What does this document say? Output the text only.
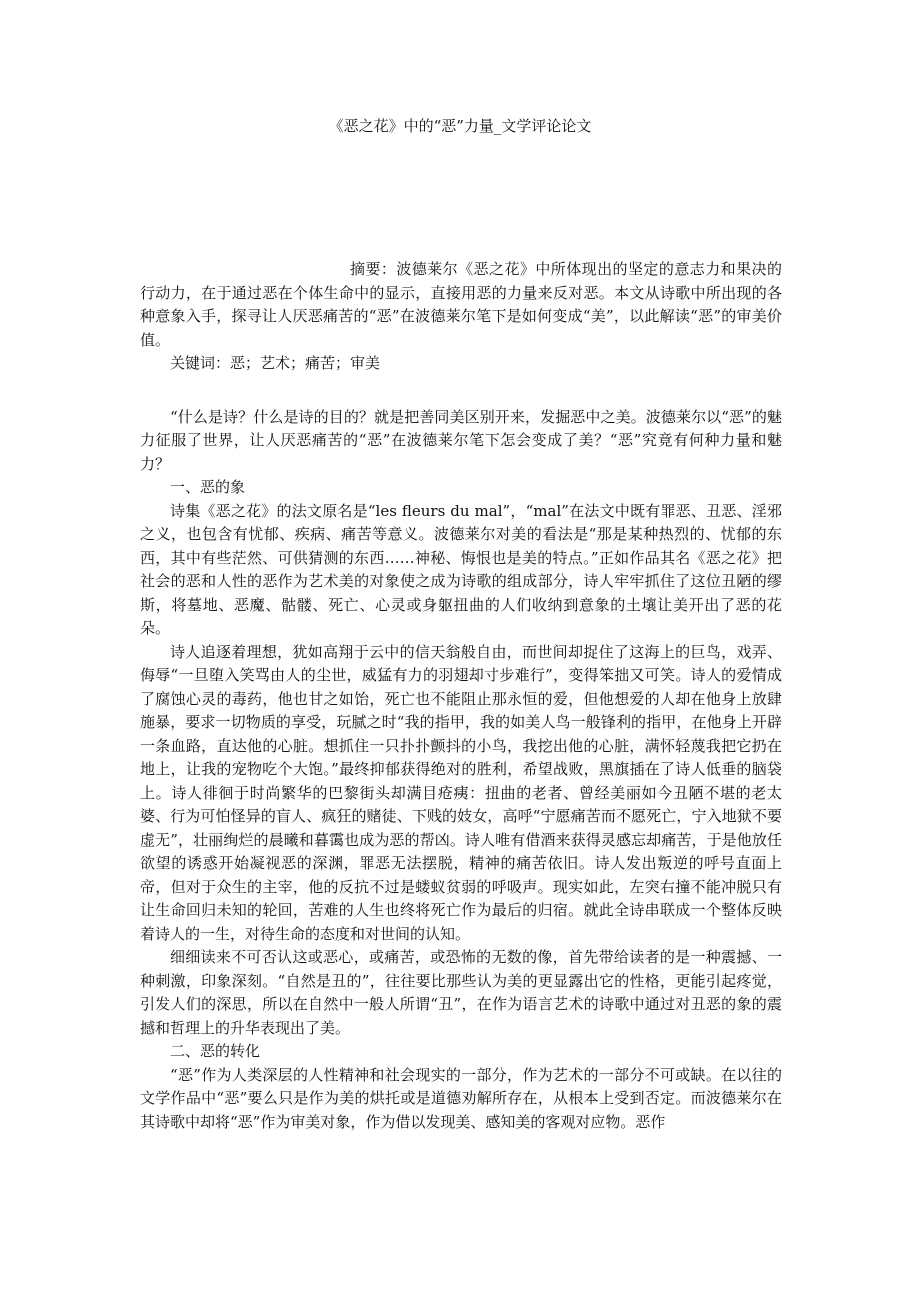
《恶之花》中的“恶”力量_文学评论论文

摘要：波德莱尔《恶之花》中所体现出的坚定的意志力和果决的行动力，在于通过恶在个体生命中的显示，直接用恶的力量来反对恶。本文从诗歌中所出现的各种意象入手，探寻让人厌恶痛苦的“恶”在波德莱尔笔下是如何变成“美”，以此解读“恶”的审美价值。

关键词：恶；艺术；痛苦；审美

“什么是诗？什么是诗的目的？就是把善同美区别开来，发掘恶中之美。波德莱尔以“恶”的魅力征服了世界，让人厌恶痛苦的“恶”在波德莱尔笔下怎会变成了美？“恶”究竟有何种力量和魅力？

一、恶的象

诗集《恶之花》的法文原名是“les fleurs du mal”，“mal”在法文中既有罪恶、丑恶、淫邪之义，也包含有忧郁、疾病、痛苦等意义。波德莱尔对美的看法是“那是某种热烈的、忧郁的东西，其中有些茫然、可供猜测的东西……神秘、悔恨也是美的特点。”正如作品其名《恶之花》把社会的恶和人性的恶作为艺术美的对象使之成为诗歌的组成部分，诗人牢牢抓住了这位丑陋的缪斯，将墓地、恶魔、骷髅、死亡、心灵或身躯扭曲的人们收纳到意象的土壤让美开出了恶的花朵。

诗人追逐着理想，犹如高翔于云中的信天翁般自由，而世间却捉住了这海上的巨鸟，戏弄、侮辱“一旦堕入笑骂由人的尘世，威猛有力的羽翅却寸步难行”，变得笨拙又可笑。诗人的爱情成了腐蚀心灵的毒药，他也甘之如饴，死亡也不能阻止那永恒的爱，但他想爱的人却在他身上放肆施暴，要求一切物质的享受，玩腻之时“我的指甲，我的如美人鸟一般锋利的指甲，在他身上开辟一条血路，直达他的心脏。想抓住一只扑扑颤抖的小鸟，我挖出他的心脏，满怀轻蔑我把它扔在地上，让我的宠物吃个大饱。”最终抑郁获得绝对的胜利，希望战败，黑旗插在了诗人低垂的脑袋上。诗人徘徊于时尚繁华的巴黎街头却满目疮痍：扭曲的老者、曾经美丽如今丑陋不堪的老太婆、行为可怕怪异的盲人、疯狂的赌徒、下贱的妓女，高呼“宁愿痛苦而不愿死亡，宁入地狱不要虚无”，壮丽绚烂的晨曦和暮霭也成为恶的帮凶。诗人唯有借酒来获得灵感忘却痛苦，于是他放任欲望的诱惑开始凝视恶的深渊，罪恶无法摆脱，精神的痛苦依旧。诗人发出叛逆的呼号直面上帝，但对于众生的主宰，他的反抗不过是蝼蚁贫弱的呼吸声。现实如此，左突右撞不能冲脱只有让生命回归未知的轮回，苦难的人生也终将死亡作为最后的归宿。就此全诗串联成一个整体反映着诗人的一生，对待生命的态度和对世间的认知。

细细读来不可否认这或恶心，或痛苦，或恐怖的无数的像，首先带给读者的是一种震撼、一种刺激，印象深刻。“自然是丑的”，往往要比那些认为美的更显露出它的性格，更能引起疼觉，引发人们的深思，所以在自然中一般人所谓“丑”，在作为语言艺术的诗歌中通过对丑恶的象的震撼和哲理上的升华表现出了美。

二、恶的转化

“恶”作为人类深层的人性精神和社会现实的一部分，作为艺术的一部分不可或缺。在以往的文学作品中“恶”要么只是作为美的烘托或是道德劝解所存在，从根本上受到否定。而波德莱尔在其诗歌中却将“恶”作为审美对象，作为借以发现美、感知美的客观对应物。恶作
